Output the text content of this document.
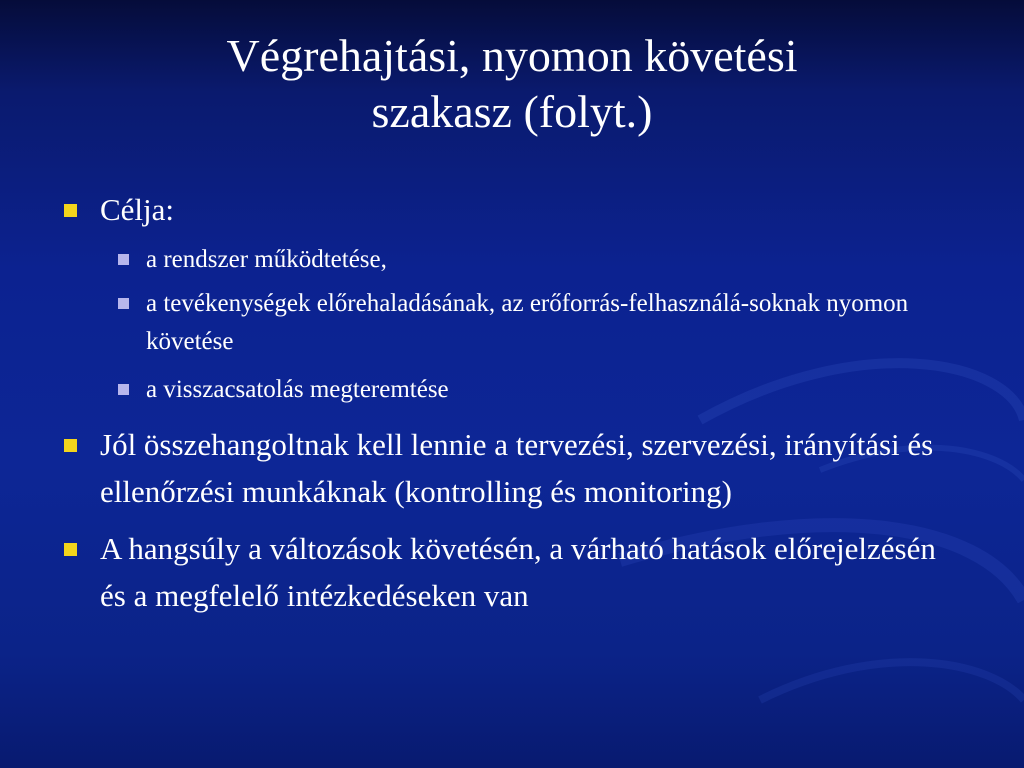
Végrehajtási, nyomon követési
szakasz (folyt.)
Célja:
a rendszer működtetése,
a tevékenységek előrehaladásának, az erőforrás-felhasználá-soknak nyomon követése
a visszacsatolás megteremtése
Jól összehangoltnak kell lennie a tervezési, szervezési, irányítási és ellenőrzési munkáknak (kontrolling és monitoring)
A hangsúly a változások követésén, a várható hatások előrejelzésén és a megfelelő intézkedéseken van
